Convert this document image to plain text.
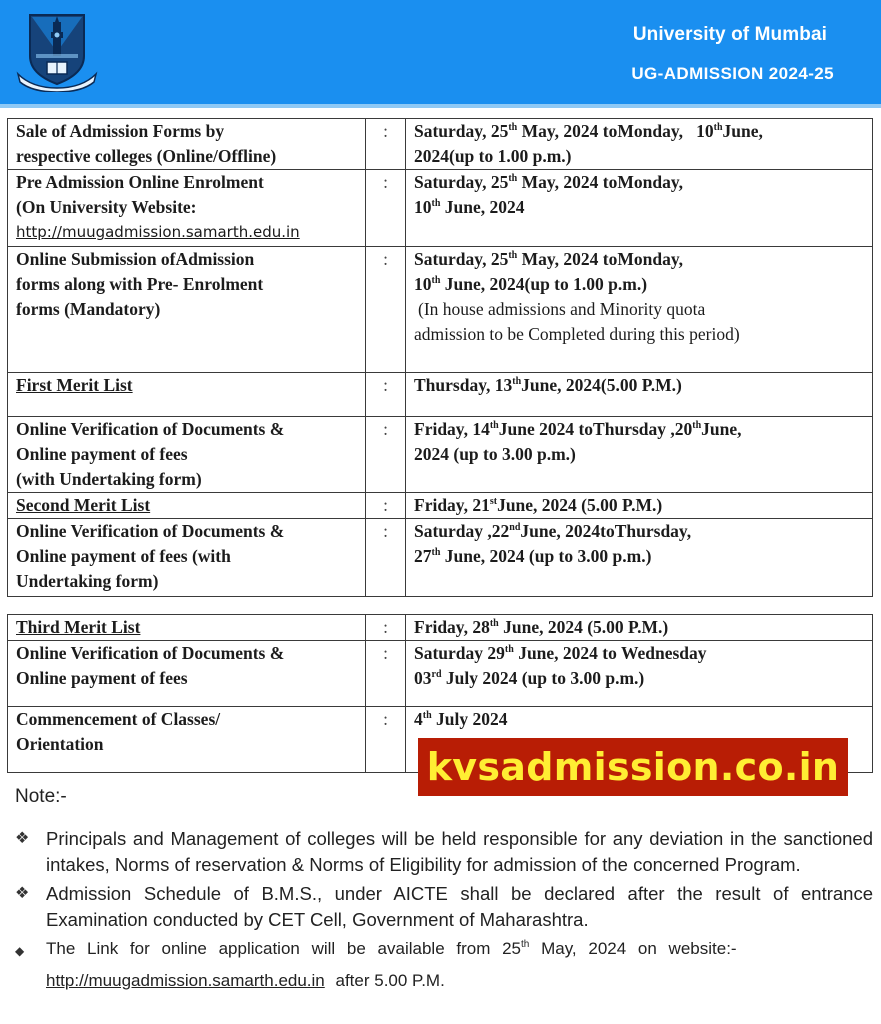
University of Mumbai
UG-ADMISSION 2024-25
Sale of Admission Forms by
respective colleges (Online/Offline)
	:	Saturday, 25th May, 2024 toMonday,   10thJune,
2024(up to 1.00 p.m.)

Pre Admission Online Enrolment
(On University Website:
http://muugadmission.samarth.edu.in
	:	Saturday, 25th May, 2024 toMonday,
10th June, 2024

Online Submission ofAdmission
forms along with Pre- Enrolment
forms (Mandatory)
	:	Saturday, 25th May, 2024 toMonday,
10th June, 2024(up to 1.00 p.m.)
(In house admissions and Minority quota
admission to be Completed during this period)

First Merit List	:	Thursday, 13thJune, 2024(5.00 P.M.)

Online Verification of Documents &
Online payment of fees
(with Undertaking form)
	:	Friday, 14thJune 2024 toThursday ,20thJune,
2024 (up to 3.00 p.m.)

Second Merit List	:	Friday, 21stJune, 2024 (5.00 P.M.)

Online Verification of Documents &
Online payment of fees (with
Undertaking form)
	:	Saturday ,22ndJune, 2024toThursday,
27th June, 2024 (up to 3.00 p.m.)
Third Merit List	:	Friday, 28th June, 2024 (5.00 P.M.)

Online Verification of Documents &
Online payment of fees
	:	Saturday 29th June, 2024 to Wednesday
03rd July 2024 (up to 3.00 p.m.)

Commencement of Classes/
Orientation	:	4th July 2024
kvsadmission.co.in
Note:-
❖ Principals and Management of colleges will be held responsible for any deviation in the sanctioned intakes, Norms of reservation & Norms of Eligibility for admission of the concerned Program.
❖ Admission Schedule of B.M.S., under AICTE shall be declared after the result of entrance Examination conducted by CET Cell, Government of Maharashtra.
◆ The Link for online application will be available from 25th May, 2024 on website:-
http://muugadmission.samarth.edu.in after 5.00 P.M.
